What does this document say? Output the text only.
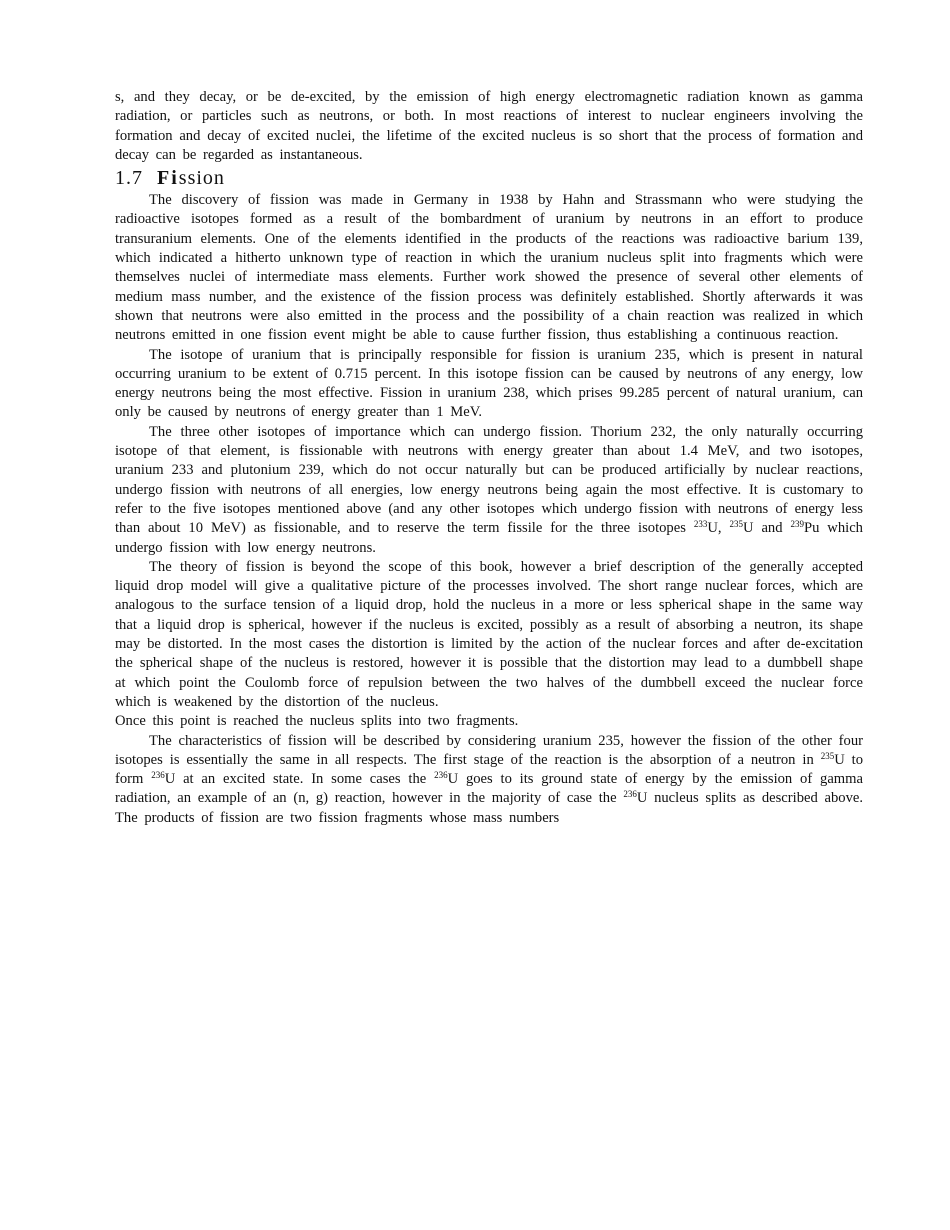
s, and they decay, or be de-excited, by the emission of high energy electromagnetic radiation known as gamma radiation, or particles such as neutrons, or both. In most reactions of interest to nuclear engineers involving the formation and decay of excited nuclei, the lifetime of the excited nucleus is so short that the process of formation and decay can be regarded as instantaneous.

1.7 Fission

The discovery of fission was made in Germany in 1938 by Hahn and Strassmann who were studying the radioactive isotopes formed as a result of the bombardment of uranium by neutrons in an effort to produce transuranium elements. One of the elements identified in the products of the reactions was radioactive barium 139, which indicated a hitherto unknown type of reaction in which the uranium nucleus split into fragments which were themselves nuclei of intermediate mass elements. Further work showed the presence of several other elements of medium mass number, and the existence of the fission process was definitely established. Shortly afterwards it was shown that neutrons were also emitted in the process and the possibility of a chain reaction was realized in which neutrons emitted in one fission event might be able to cause further fission, thus establishing a continuous reaction.

The isotope of uranium that is principally responsible for fission is uranium 235, which is present in natural occurring uranium to be extent of 0.715 percent. In this isotope fission can be caused by neutrons of any energy, low energy neutrons being the most effective. Fission in uranium 238, which prises 99.285 percent of natural uranium, can only be caused by neutrons of energy greater than 1 MeV.

The three other isotopes of importance which can undergo fission. Thorium 232, the only naturally occurring isotope of that element, is fissionable with neutrons with energy greater than about 1.4 MeV, and two isotopes, uranium 233 and plutonium 239, which do not occur naturally but can be produced artificially by nuclear reactions, undergo fission with neutrons of all energies, low energy neutrons being again the most effective. It is customary to refer to the five isotopes mentioned above (and any other isotopes which undergo fission with neutrons of energy less than about 10 MeV) as fissionable, and to reserve the term fissile for the three isotopes $^{233}$U, $^{235}$U and $^{239}$Pu which undergo fission with low energy neutrons.

The theory of fission is beyond the scope of this book, however a brief description of the generally accepted liquid drop model will give a qualitative picture of the processes involved. The short range nuclear forces, which are analogous to the surface tension of a liquid drop, hold the nucleus in a more or less spherical shape in the same way that a liquid drop is spherical, however if the nucleus is excited, possibly as a result of absorbing a neutron, its shape may be distorted. In the most cases the distortion is limited by the action of the nuclear forces and after de-excitation the spherical shape of the nucleus is restored, however it is possible that the distortion may lead to a dumbbell shape at which point the Coulomb force of repulsion between the two halves of the dumbbell exceed the nuclear force which is weakened by the distortion of the nucleus.

Once this point is reached the nucleus splits into two fragments.

The characteristics of fission will be described by considering uranium 235, however the fission of the other four isotopes is essentially the same in all respects. The first stage of the reaction is the absorption of a neutron in $^{235}$U to form $^{236}$U at an excited state. In some cases the $^{236}$U goes to its ground state of energy by the emission of gamma radiation, an example of an (n, g) reaction, however in the majority of case the $^{236}$U nucleus splits as described above. The products of fission are two fission fragments whose mass numbers
